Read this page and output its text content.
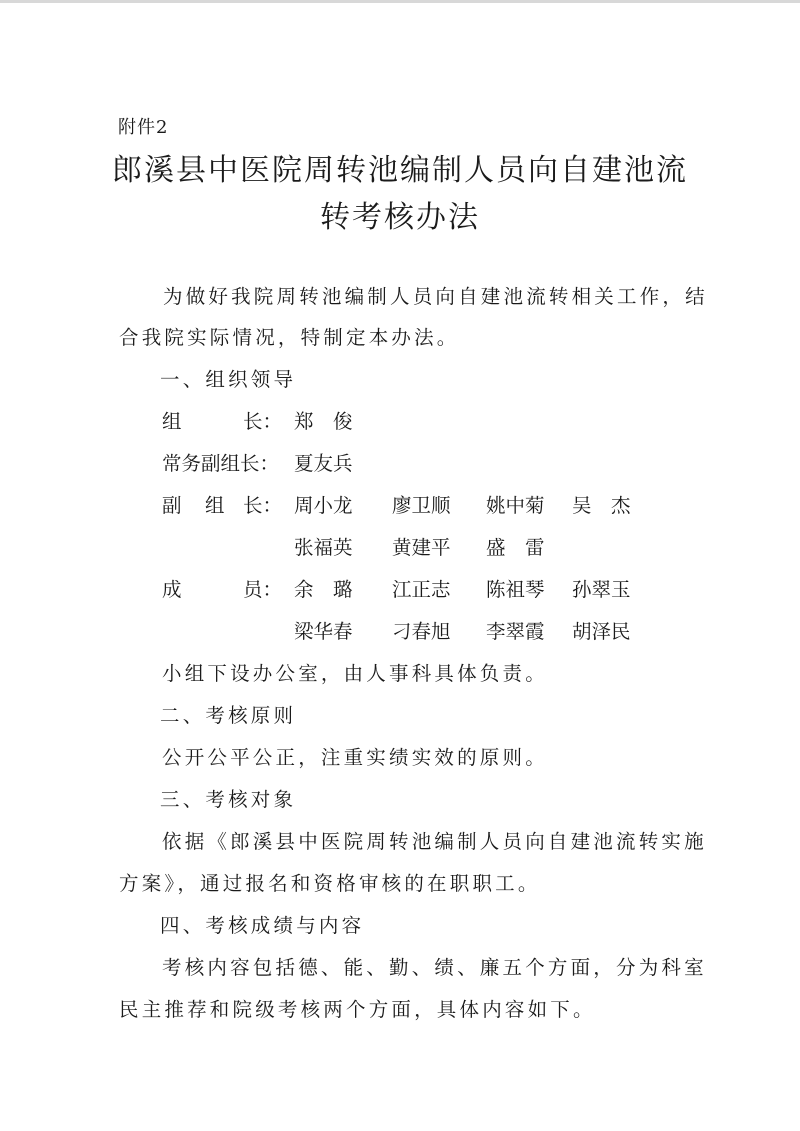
附件2
郎溪县中医院周转池编制人员向自建池流
转考核办法
为做好我院周转池编制人员向自建池流转相关工作，结
合我院实际情况，特制定本办法。
一、组织领导
组	长： 郑　俊
常务副组长： 夏友兵
副 组 长： 周小龙 廖卫顺 姚中菊 吴　杰
张福英 黄建平 盛　雷
成	员： 余　璐 江正志 陈祖琴 孙翠玉
梁华春 刁春旭 李翠霞 胡泽民
小组下设办公室，由人事科具体负责。
二、考核原则
公开公平公正，注重实绩实效的原则。
三、考核对象
依据《郎溪县中医院周转池编制人员向自建池流转实施
方案》，通过报名和资格审核的在职职工。
四、考核成绩与内容
考核内容包括德、能、勤、绩、廉五个方面，分为科室
民主推荐和院级考核两个方面，具体内容如下。
